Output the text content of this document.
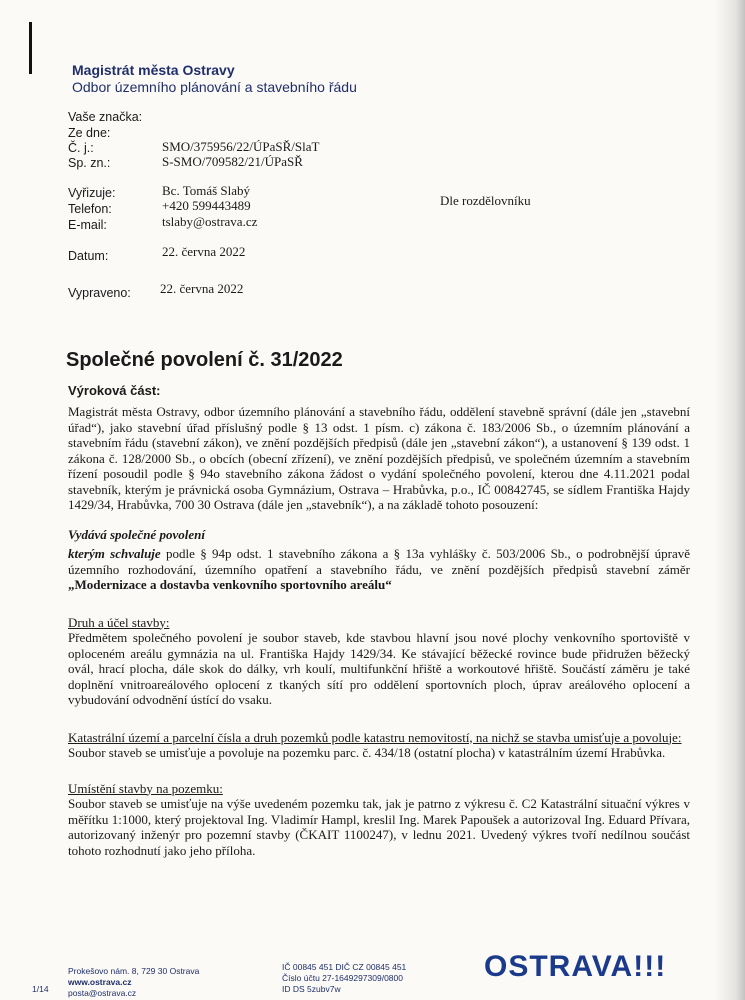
Magistrát města Ostravy
Odbor územního plánování a stavebního řádu
Vaše značka:
Ze dne:
Č. j.:	SMO/375956/22/ÚPaSŘ/SlaT
Sp. zn.:	S-SMO/709582/21/ÚPaSŘ
Vyřizuje:	Bc. Tomáš Slabý
Telefon:	+420 599443489
E-mail:	tslaby@ostrava.cz
Dle rozdělovníku
Datum:	22. června 2022
Vypraveno: 22. června 2022
Společné povolení č. 31/2022
Výroková část:
Magistrát města Ostravy, odbor územního plánování a stavebního řádu, oddělení stavebně správní (dále jen „stavební úřad“), jako stavební úřad příslušný podle § 13 odst. 1 písm. c) zákona č. 183/2006 Sb., o územním plánování a stavebním řádu (stavební zákon), ve znění pozdějších předpisů (dále jen „stavební zákon“), a ustanovení § 139 odst. 1 zákona č. 128/2000 Sb., o obcích (obecní zřízení), ve znění pozdějších předpisů, ve společném územním a stavebním řízení posoudil podle § 94o stavebního zákona žádost o vydání společného povolení, kterou dne 4.11.2021 podal stavebník, kterým je právnická osoba Gymnázium, Ostrava – Hrabůvka, p.o., IČ 00842745, se sídlem Františka Hajdy 1429/34, Hrabůvka, 700 30 Ostrava (dále jen „stavebník“), a na základě tohoto posouzení:
Vydává společné povolení
kterým schvaluje podle § 94p odst. 1 stavebního zákona a § 13a vyhlášky č. 503/2006 Sb., o podrobnější úpravě územního rozhodování, územního opatření a stavebního řádu, ve znění pozdějších předpisů stavební záměr „Modernizace a dostavba venkovního sportovního areálu“
Druh a účel stavby:
Předmětem společného povolení je soubor staveb, kde stavbou hlavní jsou nové plochy venkovního sportoviště v oploceném areálu gymnázia na ul. Františka Hajdy 1429/34. Ke stávající běžecké rovince bude přidružen běžecký ovál, hrací plocha, dále skok do dálky, vrh koulí, multifunkční hřiště a workoutové hřiště. Součástí záměru je také doplnění vnitroareálového oplocení z tkaných sítí pro oddělení sportovních ploch, úprav areálového oplocení a vybudování odvodnění ústící do vsaku.
Katastrální území a parcelní čísla a druh pozemků podle katastru nemovitostí, na nichž se stavba umisťuje a povoluje:
Soubor staveb se umisťuje a povoluje na pozemku parc. č. 434/18 (ostatní plocha) v katastrálním území Hrabůvka.
Umístění stavby na pozemku:
Soubor staveb se umisťuje na výše uvedeném pozemku tak, jak je patrno z výkresu č. C2 Katastrální situační výkres v měřítku 1:1000, který projektoval Ing. Vladimír Hampl, kreslil Ing. Marek Papoušek a autorizoval Ing. Eduard Přívara, autorizovaný inženýr pro pozemní stavby (ČKAIT 1100247), v lednu 2021. Uvedený výkres tvoří nedílnou součást tohoto rozhodnutí jako jeho příloha.
1/14
Prokešovo nám. 8, 729 30 Ostrava
www.ostrava.cz
posta@ostrava.cz
IČ 00845 451 DIČ CZ 00845 451
Číslo účtu 27-1649297309/0800
ID DS 5zubv7w
OSTRAVA!!!
